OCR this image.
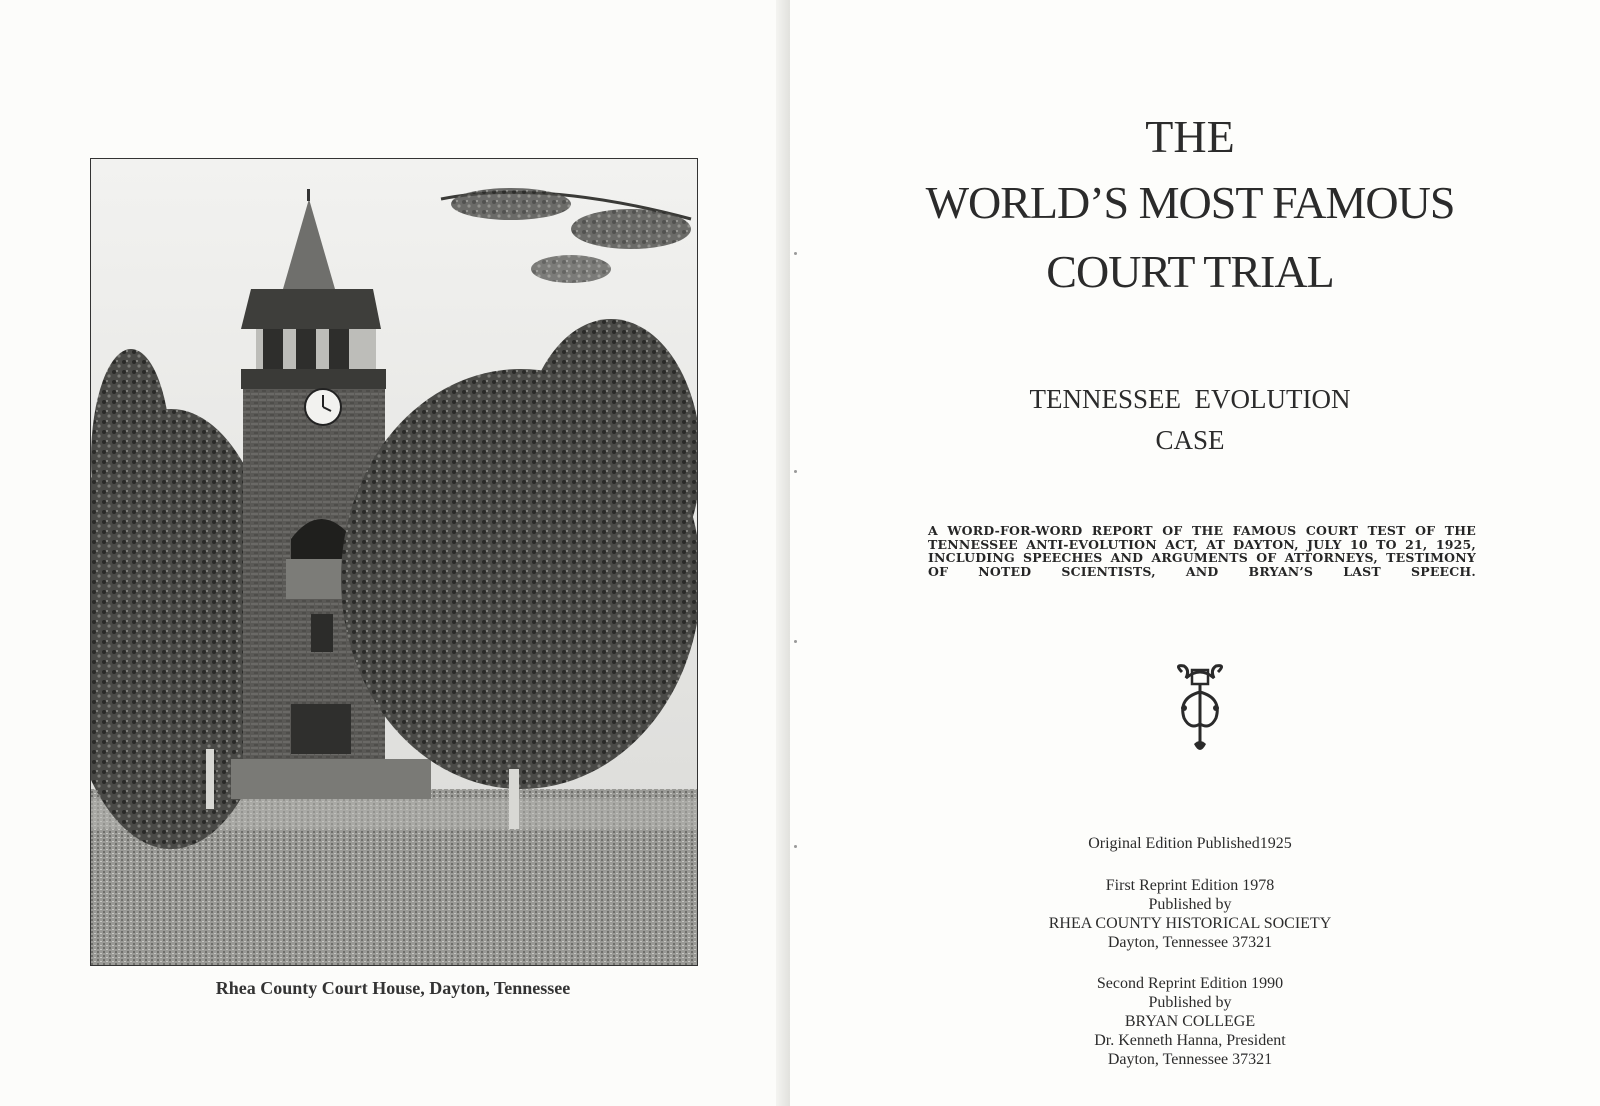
Rhea County Court House, Dayton, Tennessee
THE
WORLD’S MOST FAMOUS
COURT TRIAL
TENNESSEE  EVOLUTION
CASE
A WORD-FOR-WORD REPORT OF THE FAMOUS COURT TEST OF THE TENNESSEE ANTI-EVOLUTION ACT, AT DAYTON, JULY 10 TO 21, 1925, INCLUDING SPEECHES AND ARGUMENTS OF ATTORNEYS, TESTIMONY OF NOTED SCIENTISTS, AND BRYAN’S LAST SPEECH.
Original Edition Published1925
First Reprint Edition 1978
Published by
RHEA COUNTY HISTORICAL SOCIETY
Dayton, Tennessee 37321
Second Reprint Edition 1990
Published by
BRYAN COLLEGE
Dr. Kenneth Hanna, President
Dayton, Tennessee 37321
